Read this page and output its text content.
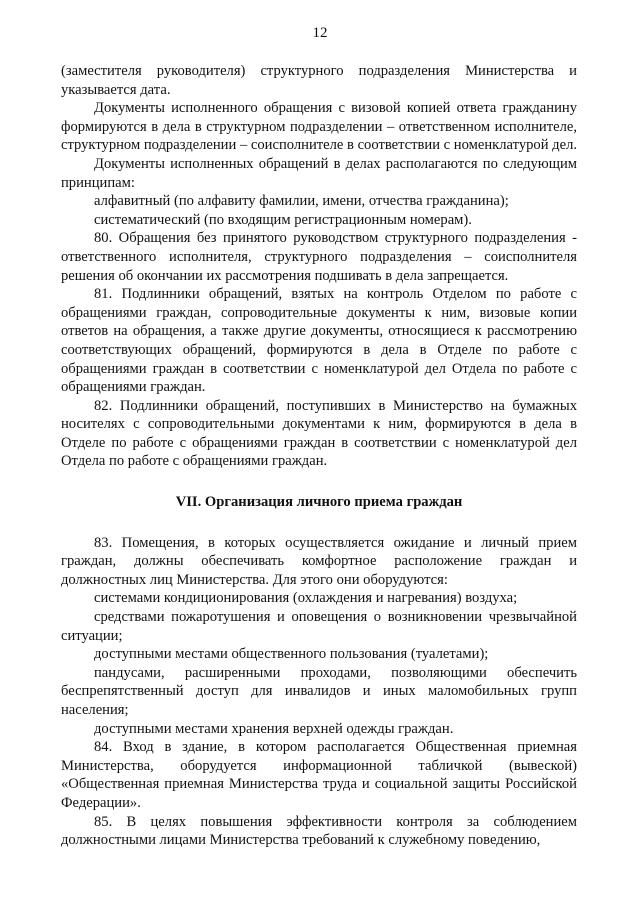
12

(заместителя руководителя) структурного подразделения Министерства и указывается дата.

Документы исполненного обращения с визовой копией ответа гражданину формируются в дела в структурном подразделении – ответственном исполнителе, структурном подразделении – соисполнителе в соответствии с номенклатурой дел.

Документы исполненных обращений в делах располагаются по следующим принципам:

алфавитный (по алфавиту фамилии, имени, отчества гражданина);

систематический (по входящим регистрационным номерам).

80. Обращения без принятого руководством структурного подразделения - ответственного исполнителя, структурного подразделения – соисполнителя решения об окончании их рассмотрения подшивать в дела запрещается.

81. Подлинники обращений, взятых на контроль Отделом по работе с обращениями граждан, сопроводительные документы к ним, визовые копии ответов на обращения, а также другие документы, относящиеся к рассмотрению соответствующих обращений, формируются в дела в Отделе по работе с обращениями граждан в соответствии с номенклатурой дел Отдела по работе с обращениями граждан.

82. Подлинники обращений, поступивших в Министерство на бумажных носителях с сопроводительными документами к ним, формируются в дела в Отделе по работе с обращениями граждан в соответствии с номенклатурой дел Отдела по работе с обращениями граждан.

VII. Организация личного приема граждан

83. Помещения, в которых осуществляется ожидание и личный прием граждан, должны обеспечивать комфортное расположение граждан и должностных лиц Министерства. Для этого они оборудуются:

системами кондиционирования (охлаждения и нагревания) воздуха;

средствами пожаротушения и оповещения о возникновении чрезвычайной ситуации;

доступными местами общественного пользования (туалетами);

пандусами, расширенными проходами, позволяющими обеспечить беспрепятственный доступ для инвалидов и иных маломобильных групп населения;

доступными местами хранения верхней одежды граждан.

84. Вход в здание, в котором располагается Общественная приемная Министерства, оборудуется информационной табличкой (вывеской) «Общественная приемная Министерства труда и социальной защиты Российской Федерации».

85. В целях повышения эффективности контроля за соблюдением должностными лицами Министерства требований к служебному поведению,
